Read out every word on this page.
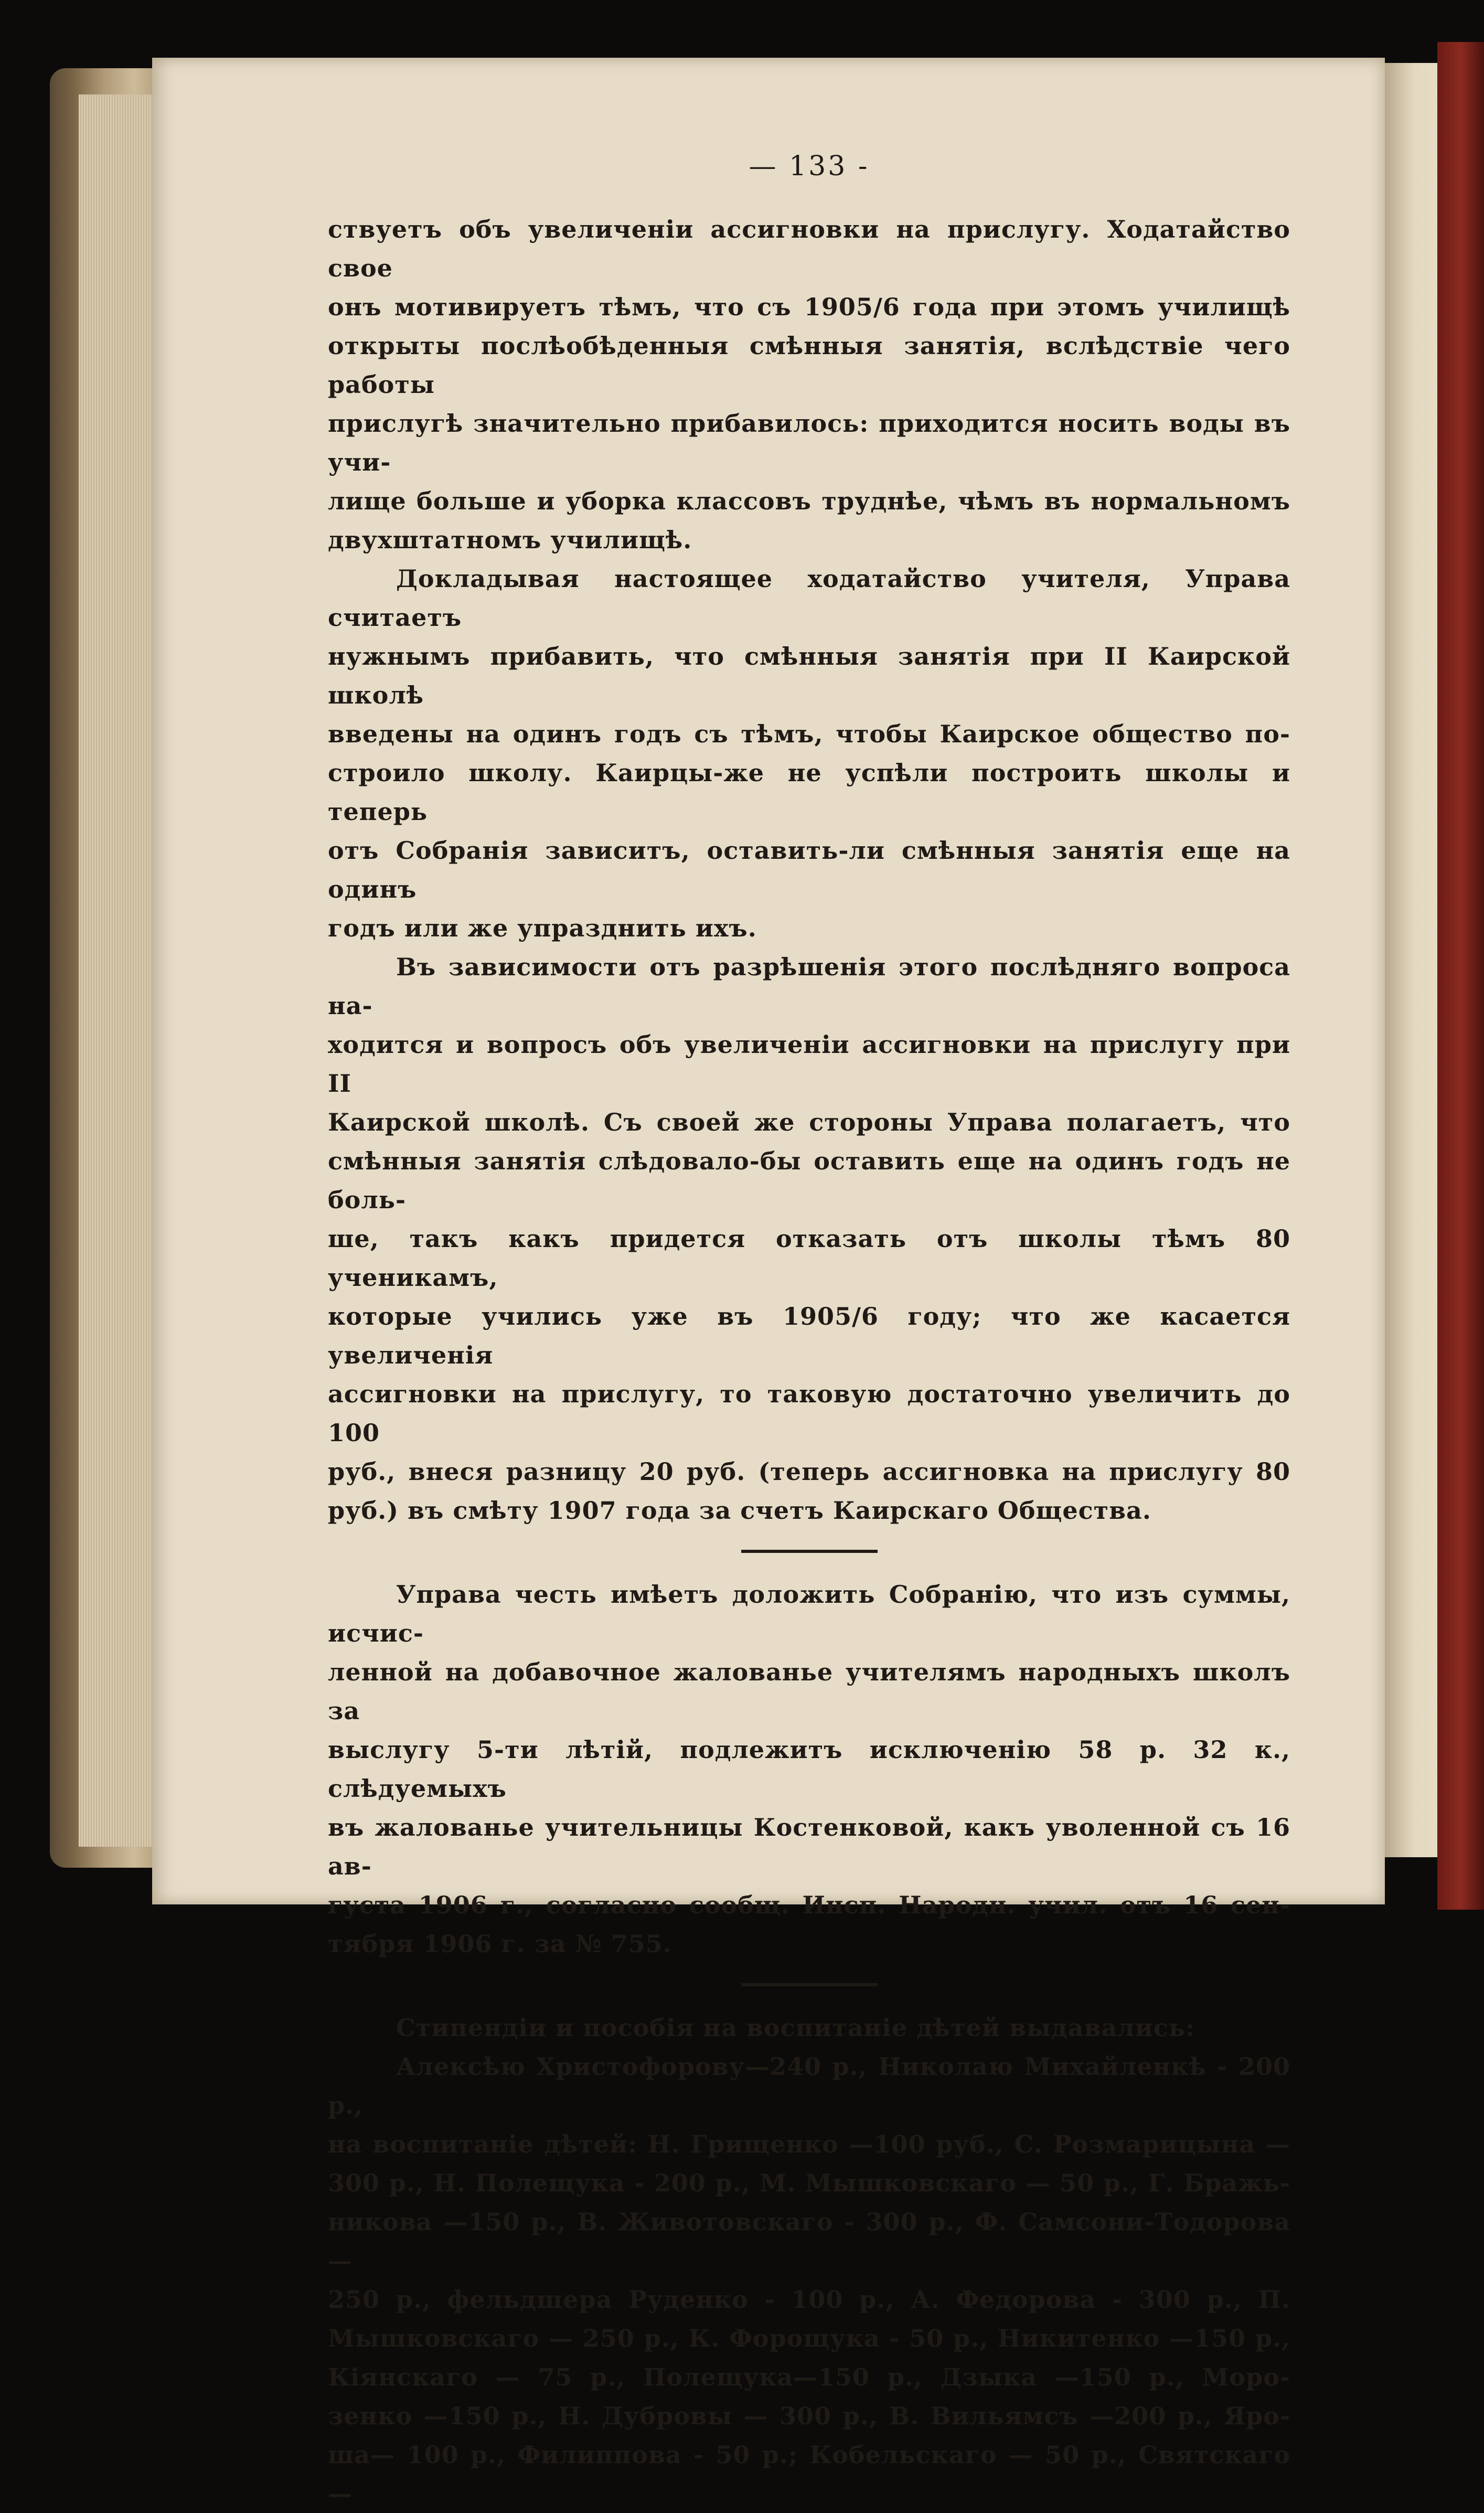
— 133 -

ствуетъ объ увеличеніи ассигновки на прислугу. Ходатайство свое

онъ мотивируетъ тѣмъ, что съ 1905/6 года при этомъ училищѣ

открыты послѣобѣденныя смѣнныя занятія, вслѣдствіе чего работы

прислугѣ значительно прибавилось: приходится носить воды въ учи-

лище больше и уборка классовъ труднѣе, чѣмъ въ нормальномъ

двухштатномъ училищѣ.

Докладывая настоящее ходатайство учителя, Управа считаетъ

нужнымъ прибавить, что смѣнныя занятія при II Каирской школѣ

введены на одинъ годъ съ тѣмъ, чтобы Каирское общество по-

строило школу. Каирцы-же не успѣли построить школы и теперь

отъ Собранія зависитъ, оставить-ли смѣнныя занятія еще на одинъ

годъ или же упразднить ихъ.

Въ зависимости отъ разрѣшенія этого послѣдняго вопроса на-

ходится и вопросъ объ увеличеніи ассигновки на прислугу при II

Каирской школѣ. Съ своей же стороны Управа полагаетъ, что

смѣнныя занятія слѣдовало-бы оставить еще на одинъ годъ не боль-

ше, такъ какъ придется отказать отъ школы тѣмъ 80 ученикамъ,

которые учились уже въ 1905/6 году; что же касается увеличенія

ассигновки на прислугу, то таковую достаточно увеличить до 100

руб., внеся разницу 20 руб. (теперь ассигновка на прислугу 80

руб.) въ смѣту 1907 года за счетъ Каирскаго Общества.

Управа честь имѣетъ доложить Собранію, что изъ суммы, исчис-

ленной на добавочное жалованье учителямъ народныхъ школъ за

выслугу 5-ти лѣтій, подлежитъ исключенію 58 р. 32 к., слѣдуемыхъ

въ жалованье учительницы Костенковой, какъ уволенной съ 16 ав-

густа 1906 г., согласно сообщ. Инсп. Народн. учил. отъ 16 сен-

тября 1906 г. за № 755.

Стипендіи и пособія на воспитаніе дѣтей выдавались:

Алексѣю Христофорову—240 р., Николаю Михайленкѣ - 200 р.,

на воспитаніе дѣтей: Н. Грищенко —100 руб., С. Розмарицына —

300 р., Н. Полещука - 200 р., М. Мышковскаго — 50 р., Г. Бражь-

никова —150 р., В. Животовскаго - 300 р., Ф. Самсони-Тодорова —

250 р., фельдшера Руденко - 100 р., А. Федорова - 300 р., П.

Мышковскаго — 250 р., К. Форощука - 50 р., Никитенко —150 р.,

Кіянскаго — 75 р., Полещука—150 р., Дзыка —150 р., Моро-

зенко —150 р., Н. Дубровы — 300 р., В. Вильямсъ —200 р., Яро-

ша— 100 р., Филиппова - 50 р.; Кобельскаго — 50 р., Святскаго —
